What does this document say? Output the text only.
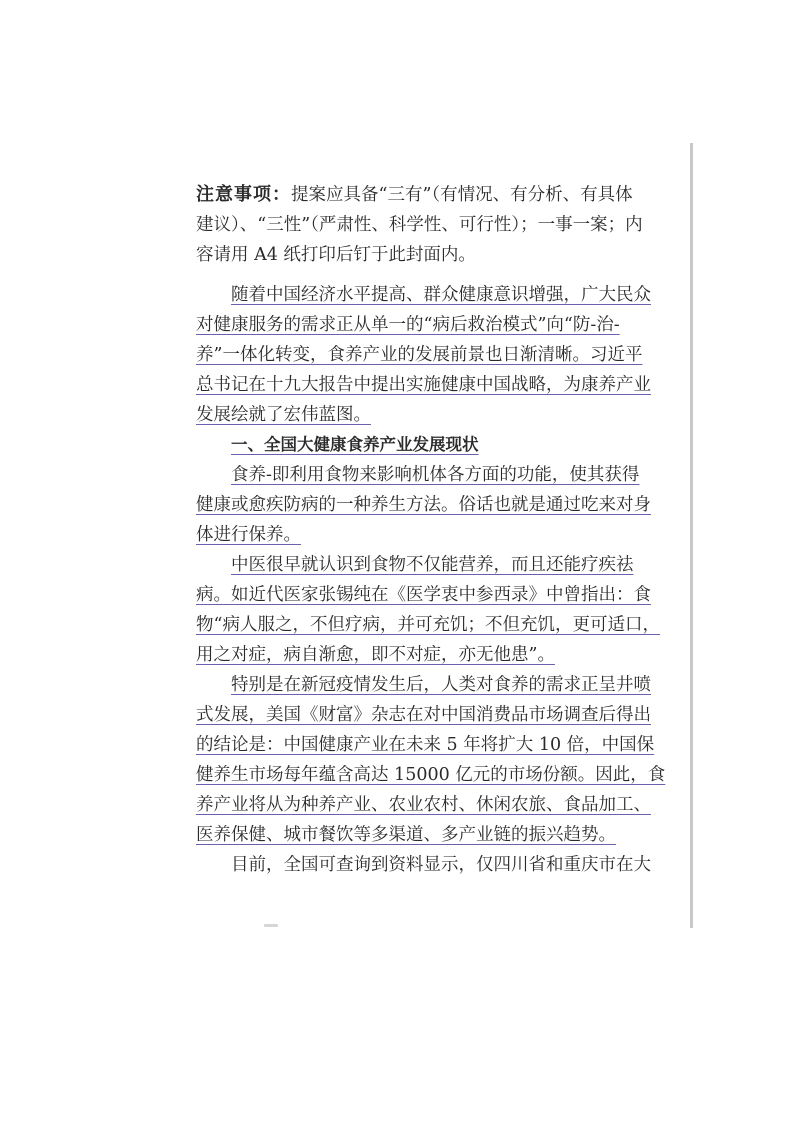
注意事项：提案应具备“三有”（有情况、有分析、有具体
建议）、“三性”（严肃性、科学性、可行性）；一事一案；内
容请用 A4 纸打印后钉于此封面内。
随着中国经济水平提高、群众健康意识增强，广大民众
对健康服务的需求正从单一的“病后救治模式”向“防-治-
养”一体化转变，食养产业的发展前景也日渐清晰。习近平
总书记在十九大报告中提出实施健康中国战略，为康养产业
发展绘就了宏伟蓝图。
一、全国大健康食养产业发展现状
食养-即利用食物来影响机体各方面的功能，使其获得
健康或愈疾防病的一种养生方法。俗话也就是通过吃来对身
体进行保养。
中医很早就认识到食物不仅能营养，而且还能疗疾祛
病。如近代医家张锡纯在《医学衷中参西录》中曾指出：食
物“病人服之，不但疗病，并可充饥；不但充饥，更可适口，
用之对症，病自渐愈，即不对症，亦无他患”。
特别是在新冠疫情发生后，人类对食养的需求正呈井喷
式发展，美国《财富》杂志在对中国消费品市场调查后得出
的结论是：中国健康产业在未来 5 年将扩大 10 倍，中国保
健养生市场每年蕴含高达 15000 亿元的市场份额。因此，食
养产业将从为种养产业、农业农村、休闲农旅、食品加工、
医养保健、城市餐饮等多渠道、多产业链的振兴趋势。
目前，全国可查询到资料显示，仅四川省和重庆市在大
